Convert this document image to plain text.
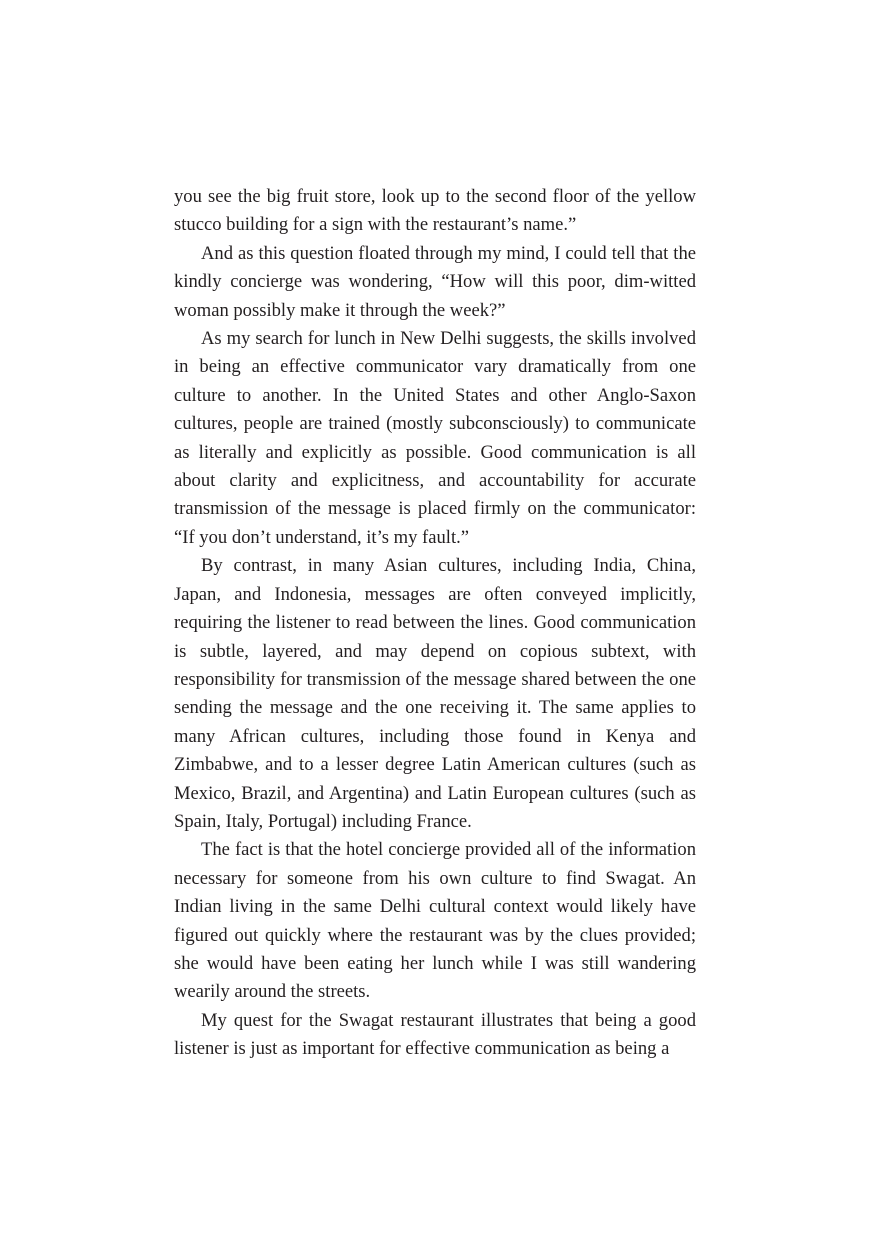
you see the big fruit store, look up to the second floor of the yellow stucco building for a sign with the restaurant’s name.”

And as this question floated through my mind, I could tell that the kindly concierge was wondering, “How will this poor, dim-witted woman possibly make it through the week?”

As my search for lunch in New Delhi suggests, the skills involved in being an effective communicator vary dramatically from one culture to another. In the United States and other Anglo-Saxon cultures, people are trained (mostly subconsciously) to communicate as literally and explicitly as possible. Good communication is all about clarity and explicitness, and accountability for accurate transmission of the message is placed firmly on the communicator: “If you don’t understand, it’s my fault.”

By contrast, in many Asian cultures, including India, China, Japan, and Indonesia, messages are often conveyed implicitly, requiring the listener to read between the lines. Good communication is subtle, layered, and may depend on copious subtext, with responsibility for transmission of the message shared between the one sending the message and the one receiving it. The same applies to many African cultures, including those found in Kenya and Zimbabwe, and to a lesser degree Latin American cultures (such as Mexico, Brazil, and Argentina) and Latin European cultures (such as Spain, Italy, Portugal) including France.

The fact is that the hotel concierge provided all of the information necessary for someone from his own culture to find Swagat. An Indian living in the same Delhi cultural context would likely have figured out quickly where the restaurant was by the clues provided; she would have been eating her lunch while I was still wandering wearily around the streets.

My quest for the Swagat restaurant illustrates that being a good listener is just as important for effective communication as being a
